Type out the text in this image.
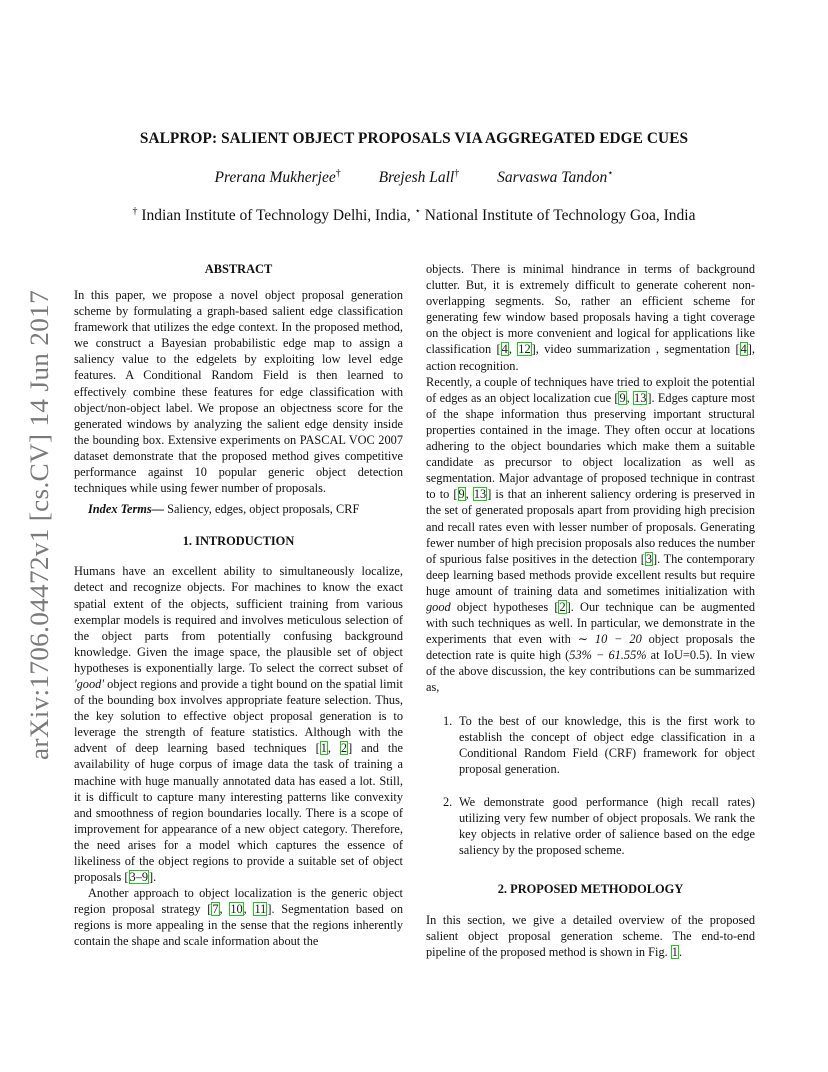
arXiv:1706.04472v1 [cs.CV] 14 Jun 2017
SALPROP: SALIENT OBJECT PROPOSALS VIA AGGREGATED EDGE CUES
Prerana Mukherjee† Brejesh Lall† Sarvaswa Tandon⋆
† Indian Institute of Technology Delhi, India, ⋆ National Institute of Technology Goa, India
ABSTRACT

In this paper, we propose a novel object proposal generation scheme by formulating a graph-based salient edge classification framework that utilizes the edge context. In the proposed method, we construct a Bayesian probabilistic edge map to assign a saliency value to the edgelets by exploiting low level edge features. A Conditional Random Field is then learned to effectively combine these features for edge classification with object/non-object label. We propose an objectness score for the generated windows by analyzing the salient edge density inside the bounding box. Extensive experiments on PASCAL VOC 2007 dataset demonstrate that the proposed method gives competitive performance against 10 popular generic object detection techniques while using fewer number of proposals.

Index Terms— Saliency, edges, object proposals, CRF

1. INTRODUCTION

Humans have an excellent ability to simultaneously localize, detect and recognize objects. For machines to know the exact spatial extent of the objects, sufficient training from various exemplar models is required and involves meticulous selection of the object parts from potentially confusing background knowledge. Given the image space, the plausible set of object hypotheses is exponentially large. To select the correct subset of 'good' object regions and provide a tight bound on the spatial limit of the bounding box involves appropriate feature selection. Thus, the key solution to effective object proposal generation is to leverage the strength of feature statistics. Although with the advent of deep learning based techniques [1, 2] and the availability of huge corpus of image data the task of training a machine with huge manually annotated data has eased a lot. Still, it is difficult to capture many interesting patterns like convexity and smoothness of region boundaries locally. There is a scope of improvement for appearance of a new object category. Therefore, the need arises for a model which captures the essence of likeliness of the object regions to provide a suitable set of object proposals [3–9].

Another approach to object localization is the generic object region proposal strategy [7, 10, 11]. Segmentation based on regions is more appealing in the sense that the regions inherently contain the shape and scale information about the

objects. There is minimal hindrance in terms of background clutter. But, it is extremely difficult to generate coherent non-overlapping segments. So, rather an efficient scheme for generating few window based proposals having a tight coverage on the object is more convenient and logical for applications like classification [4, 12], video summarization , segmentation [4], action recognition.

Recently, a couple of techniques have tried to exploit the potential of edges as an object localization cue [9, 13]. Edges capture most of the shape information thus preserving important structural properties contained in the image. They often occur at locations adhering to the object boundaries which make them a suitable candidate as precursor to object localization as well as segmentation. Major advantage of proposed technique in contrast to to [9, 13] is that an inherent saliency ordering is preserved in the set of generated proposals apart from providing high precision and recall rates even with lesser number of proposals. Generating fewer number of high precision proposals also reduces the number of spurious false positives in the detection [3]. The contemporary deep learning based methods provide excellent results but require huge amount of training data and sometimes initialization with good object hypotheses [2]. Our technique can be augmented with such techniques as well. In particular, we demonstrate in the experiments that even with ∼ 10 − 20 object proposals the detection rate is quite high (53% − 61.55% at IoU=0.5). In view of the above discussion, the key contributions can be summarized as,

1. To the best of our knowledge, this is the first work to establish the concept of object edge classification in a Conditional Random Field (CRF) framework for object proposal generation.
2. We demonstrate good performance (high recall rates) utilizing very few number of object proposals. We rank the key objects in relative order of salience based on the edge saliency by the proposed scheme.
2. PROPOSED METHODOLOGY

In this section, we give a detailed overview of the proposed salient object proposal generation scheme. The end-to-end pipeline of the proposed method is shown in Fig. 1.
